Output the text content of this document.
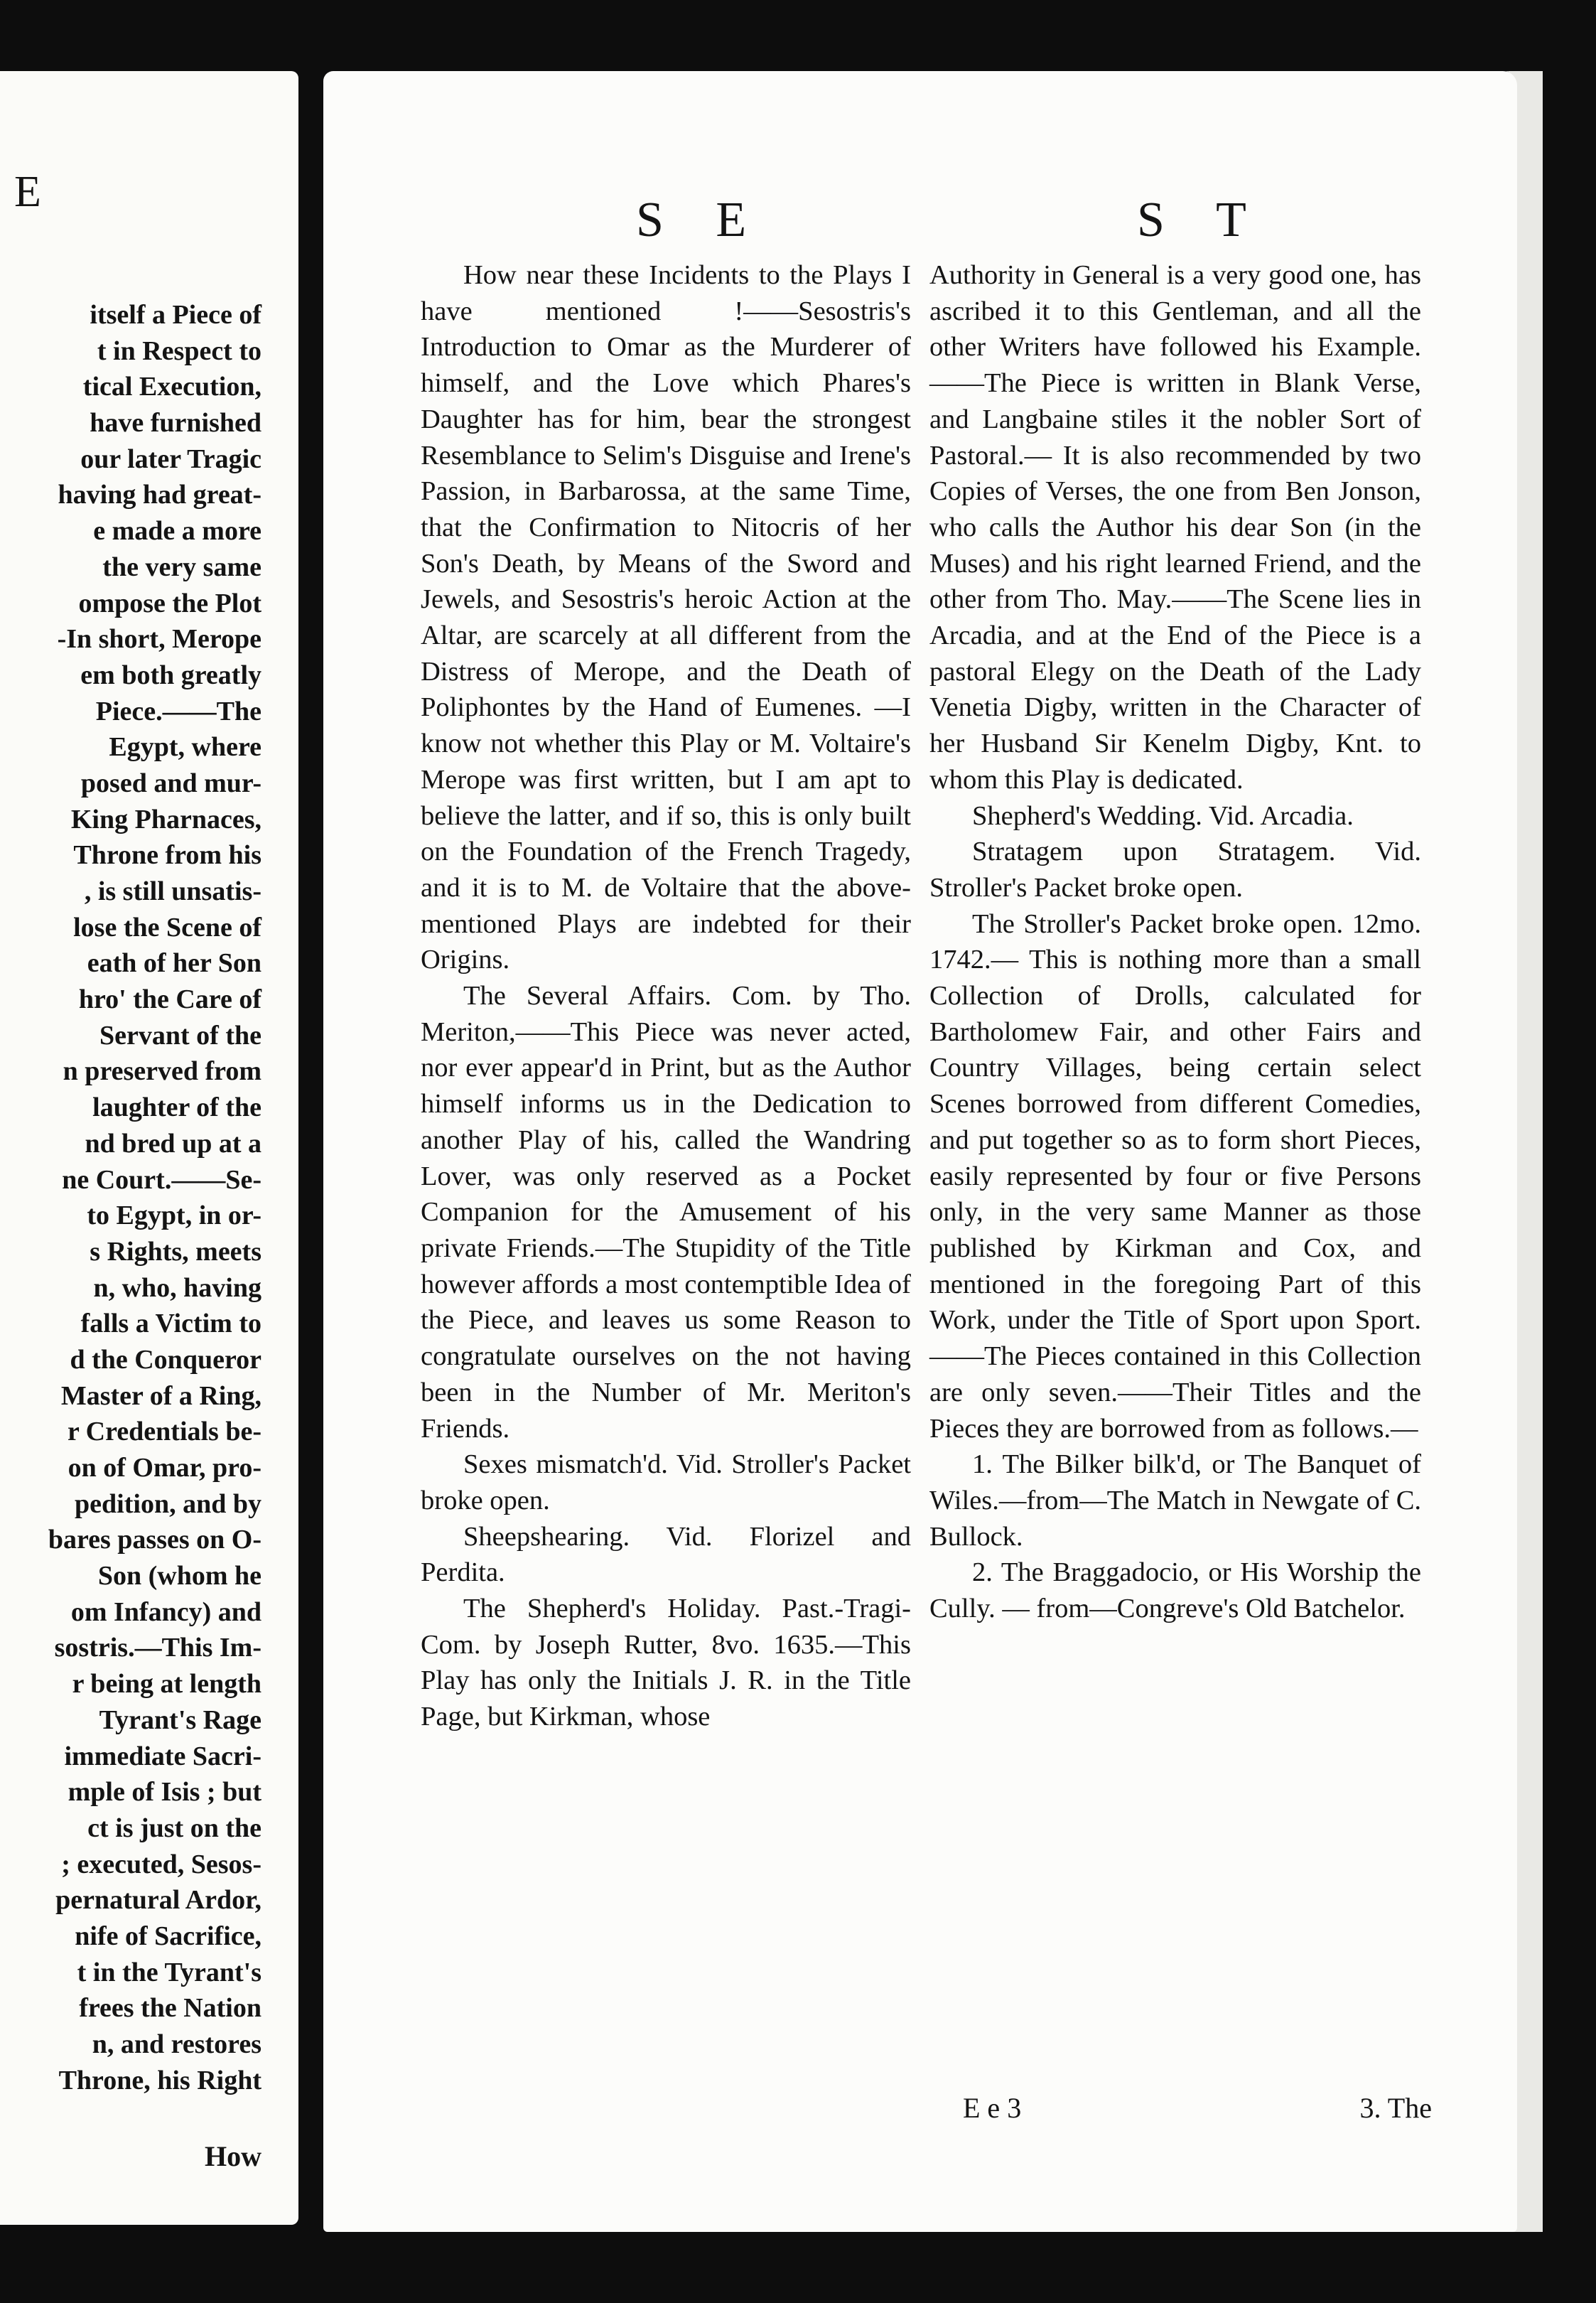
E
itself a Piece of
t in Respect to
tical Execution,
have furnished
our later Tragic
having had great-
e made a more
the very same
ompose the Plot
-In short, Merope
em both greatly
Piece.——The
Egypt, where
posed and mur-
King Pharnaces,
Throne from his
, is still unsatis-
lose the Scene of
eath of her Son
hro' the Care of
Servant of the
n preserved from
laughter of the
nd bred up at a
ne Court.——Se-
to Egypt, in or-
s Rights, meets
n, who, having
falls a Victim to
d the Conqueror
Master of a Ring,
r Credentials be-
on of Omar, pro-
pedition, and by
bares passes on O-
Son (whom he
om Infancy) and
sostris.—This Im-
r being at length
Tyrant's Rage
immediate Sacri-
mple of Isis ; but
ct is just on the
; executed, Sesos-
pernatural Ardor,
nife of Sacrifice,
t in the Tyrant's
frees the Nation
n, and restores
Throne, his Right
How
S E	S T

How near these Incidents to the Plays I have mentioned !——Sesostris's Introduction to Omar as the Murderer of himself, and the Love which Phares's Daughter has for him, bear the strongest Resemblance to Selim's Disguise and Irene's Passion, in Barbarossa, at the same Time, that the Confirmation to Nitocris of her Son's Death, by Means of the Sword and Jewels, and Sesostris's heroic Action at the Altar, are scarcely at all different from the Distress of Merope, and the Death of Poliphontes by the Hand of Eumenes. —I know not whether this Play or M. Voltaire's Merope was first written, but I am apt to believe the latter, and if so, this is only built on the Foundation of the French Tragedy, and it is to M. de Voltaire that the above-mentioned Plays are indebted for their Origins.

The Several Affairs. Com. by Tho. Meriton,——This Piece was never acted, nor ever appear'd in Print, but as the Author himself informs us in the Dedication to another Play of his, called the Wandring Lover, was only reserved as a Pocket Companion for the Amusement of his private Friends.—The Stupidity of the Title however affords a most contemptible Idea of the Piece, and leaves us some Reason to congratulate ourselves on the not having been in the Number of Mr. Meriton's Friends.

Sexes mismatch'd. Vid. Stroller's Packet broke open.

Sheepshearing. Vid. Florizel and Perdita.

The Shepherd's Holiday. Past.-Tragi-Com. by Joseph Rutter, 8vo. 1635.—This Play has only the Initials J. R. in the Title Page, but Kirkman, whose

Authority in General is a very good one, has ascribed it to this Gentleman, and all the other Writers have followed his Example.——The Piece is written in Blank Verse, and Langbaine stiles it the nobler Sort of Pastoral.— It is also recommended by two Copies of Verses, the one from Ben Jonson, who calls the Author his dear Son (in the Muses) and his right learned Friend, and the other from Tho. May.——The Scene lies in Arcadia, and at the End of the Piece is a pastoral Elegy on the Death of the Lady Venetia Digby, written in the Character of her Husband Sir Kenelm Digby, Knt. to whom this Play is dedicated.

Shepherd's Wedding. Vid. Arcadia.

Stratagem upon Stratagem. Vid. Stroller's Packet broke open.

The Stroller's Packet broke open. 12mo. 1742.— This is nothing more than a small Collection of Drolls, calculated for Bartholomew Fair, and other Fairs and Country Villages, being certain select Scenes borrowed from different Comedies, and put together so as to form short Pieces, easily represented by four or five Persons only, in the very same Manner as those published by Kirkman and Cox, and mentioned in the foregoing Part of this Work, under the Title of Sport upon Sport.——The Pieces contained in this Collection are only seven.——Their Titles and the Pieces they are borrowed from as follows.—

1. The Bilker bilk'd, or The Banquet of Wiles.—from—The Match in Newgate of C. Bullock.

2. The Braggadocio, or His Worship the Cully. — from—Congreve's Old Batchelor.

E e 3	3. The
